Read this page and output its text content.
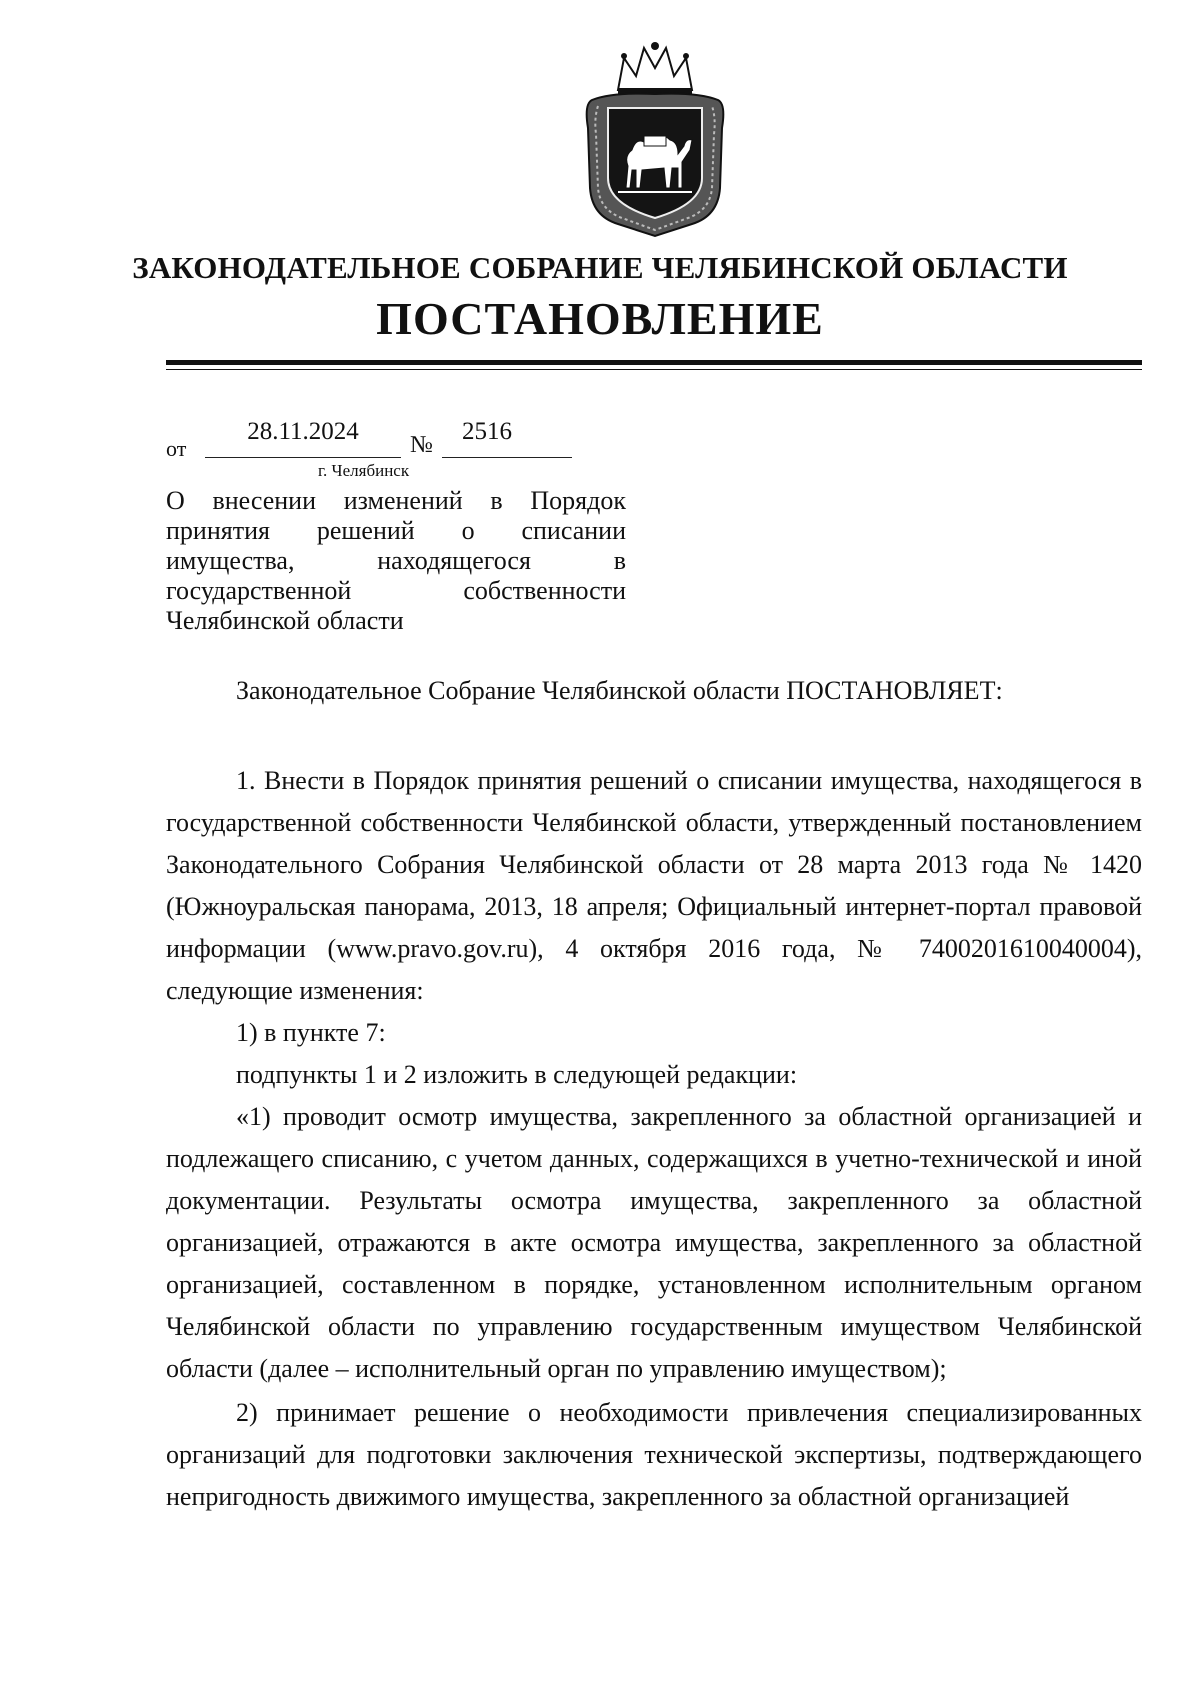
ЗАКОНОДАТЕЛЬНОЕ СОБРАНИЕ ЧЕЛЯБИНСКОЙ ОБЛАСТИ
ПОСТАНОВЛЕНИЕ
от
28.11.2024	№	2516
г. Челябинск
О внесении изменений в Порядок принятия решений о списании имущества, находящегося в государственной собственности Челябинской области
Законодательное Собрание Челябинской области ПОСТАНОВЛЯЕТ:

1. Внести в Порядок принятия решений о списании имущества, находящегося в государственной собственности Челябинской области, утвержденный постановлением Законодательного Собрания Челябинской области от 28 марта 2013 года № 1420 (Южноуральская панорама, 2013, 18 апреля; Официальный интернет-портал правовой информации (www.pravo.gov.ru), 4 октября 2016 года, № 7400201610040004), следующие изменения:

1) в пункте 7:

подпункты 1 и 2 изложить в следующей редакции:

«1) проводит осмотр имущества, закрепленного за областной организацией и подлежащего списанию, с учетом данных, содержащихся в учетно-технической и иной документации. Результаты осмотра имущества, закрепленного за областной организацией, отражаются в акте осмотра имущества, закрепленного за областной организацией, составленном в порядке, установленном исполнительным органом Челябинской области по управлению государственным имуществом Челябинской области (далее – исполнительный орган по управлению имуществом);

2) принимает решение о необходимости привлечения специализированных организаций для подготовки заключения технической экспертизы, подтверждающего непригодность движимого имущества, закрепленного за областной организацией
